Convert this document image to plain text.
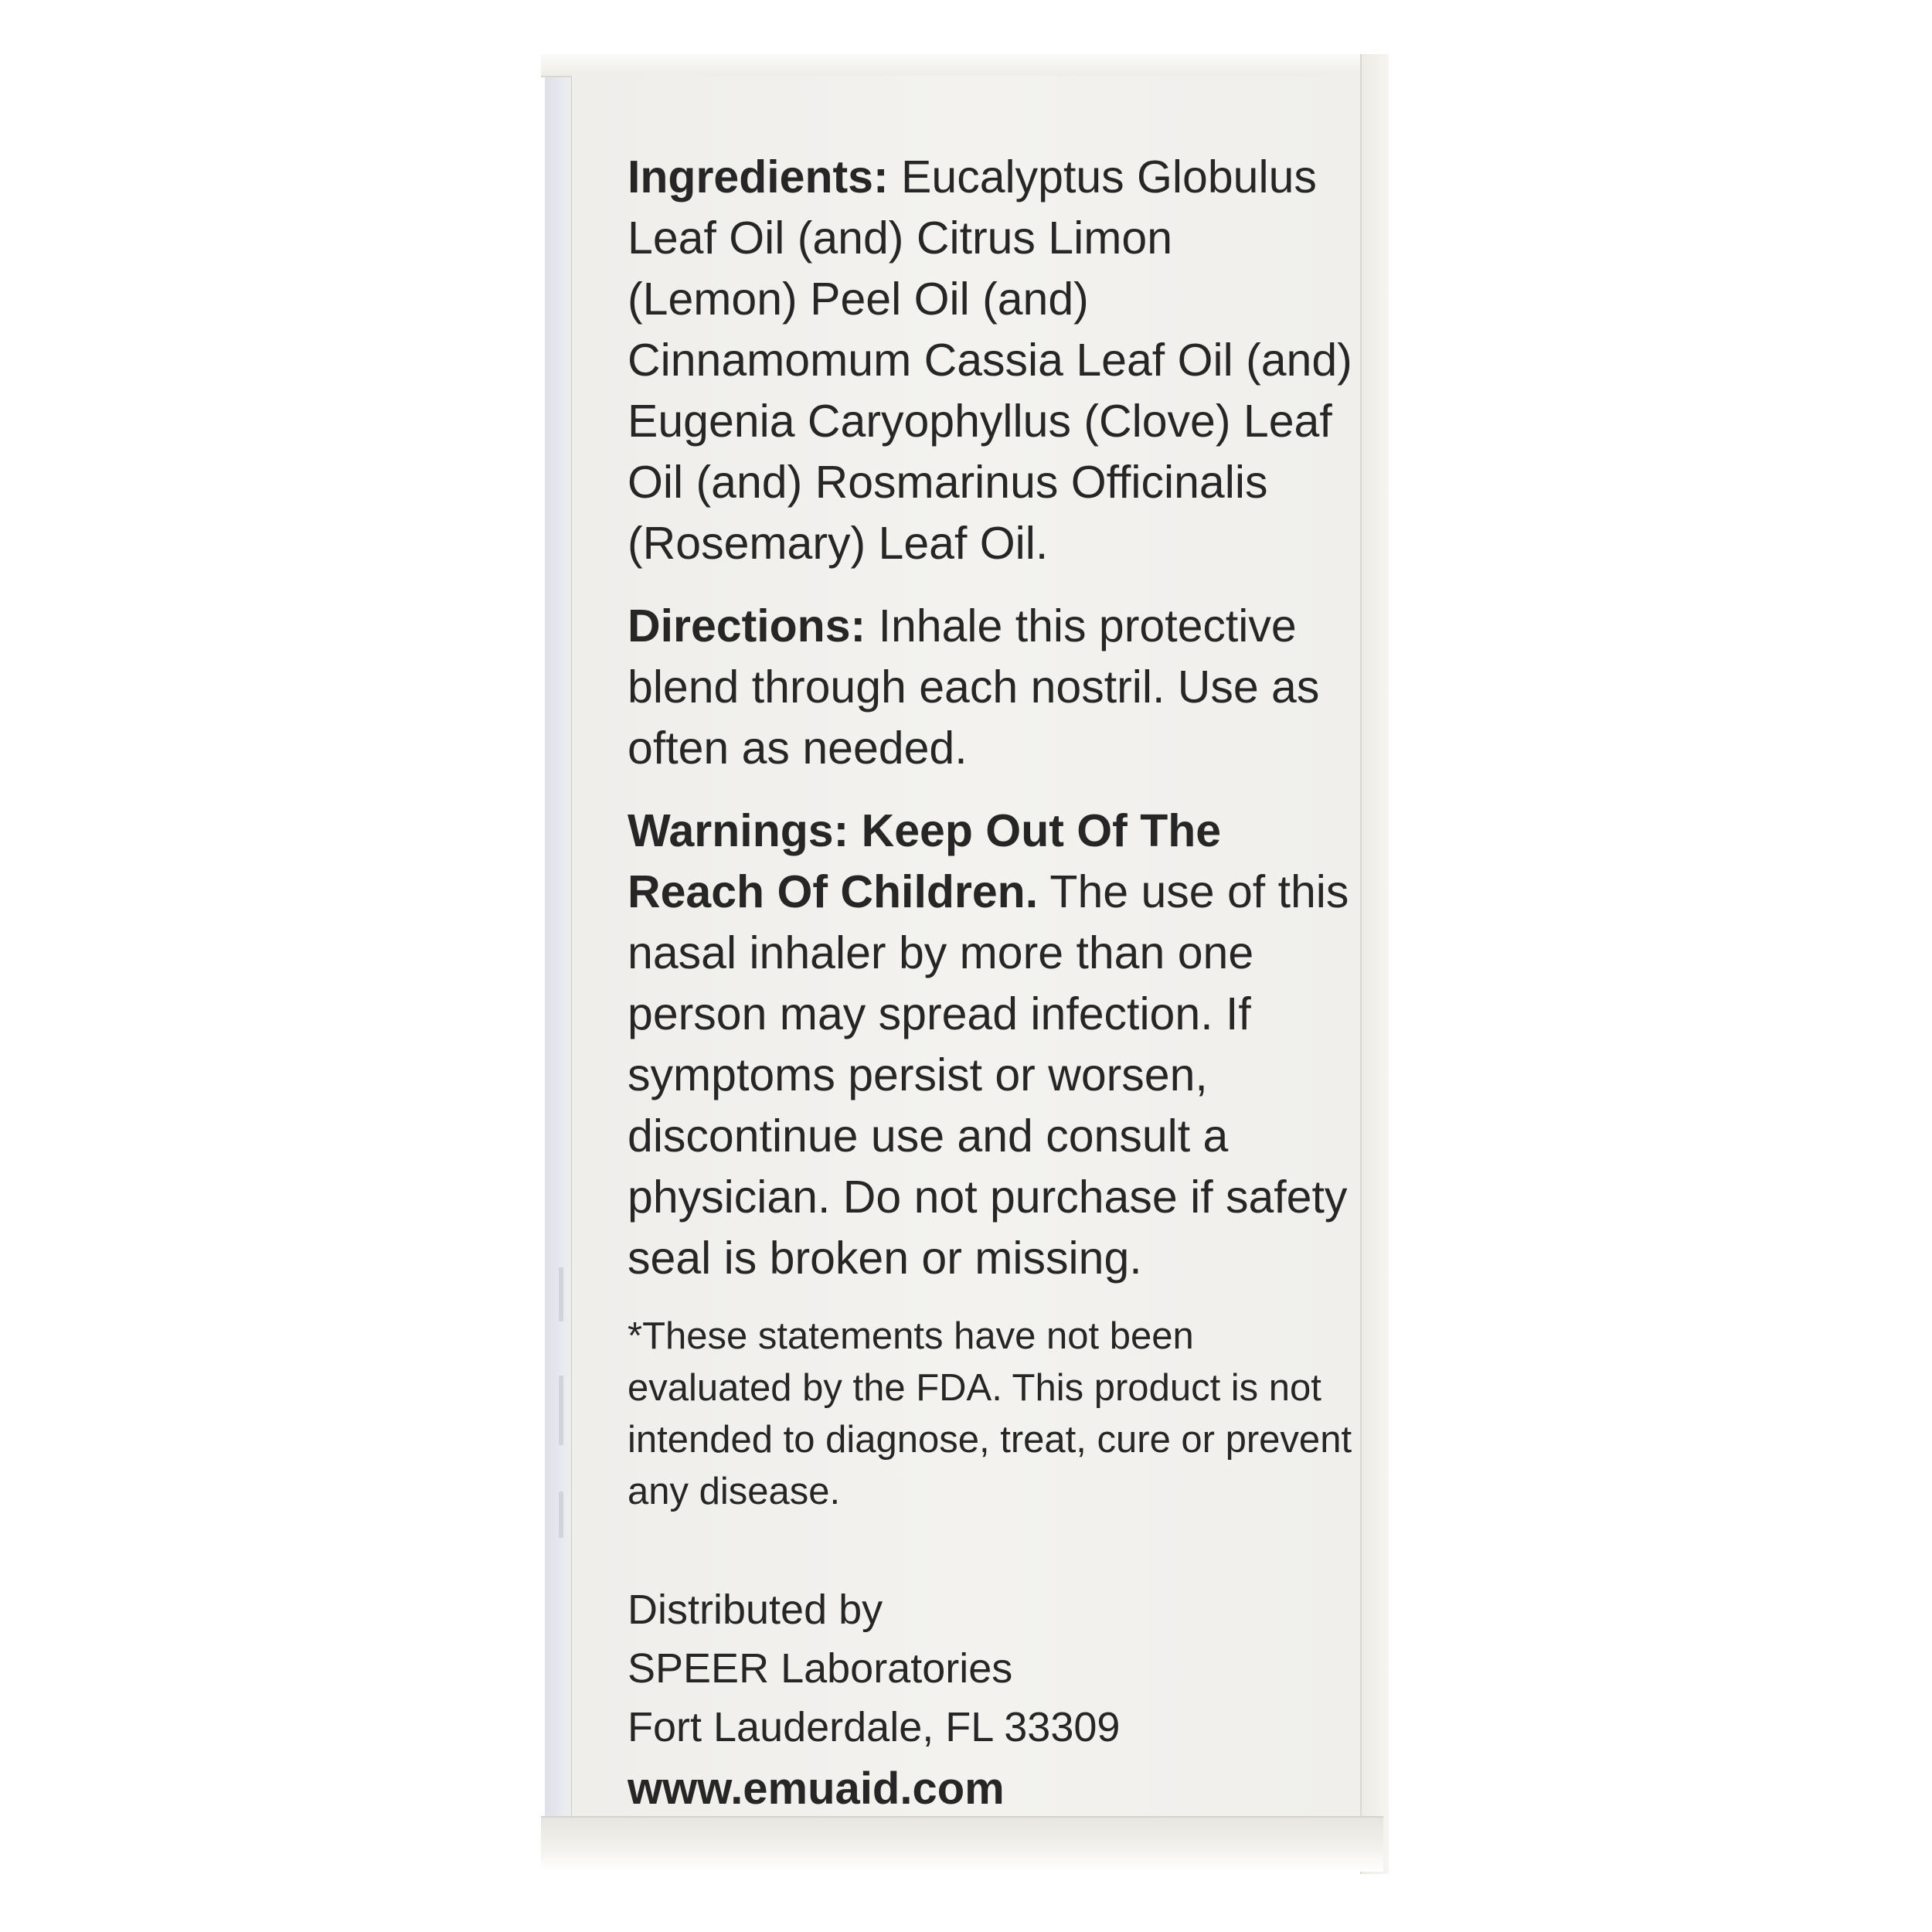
Ingredients: Eucalyptus Globulus Leaf Oil (and) Citrus Limon (Lemon) Peel Oil (and) Cinnamomum Cassia Leaf Oil (and) Eugenia Caryophyllus (Clove) Leaf Oil (and) Rosmarinus Officinalis (Rosemary) Leaf Oil.

Directions: Inhale this protective blend through each nostril. Use as often as needed.

Warnings: Keep Out Of The Reach Of Children. The use of this nasal inhaler by more than one person may spread infection. If symptoms persist or worsen, discontinue use and consult a physician. Do not purchase if safety seal is broken or missing.

*These statements have not been evaluated by the FDA. This product is not intended to diagnose, treat, cure or prevent any disease.

Distributed by
SPEER Laboratories
Fort Lauderdale, FL 33309
www.emuaid.com
